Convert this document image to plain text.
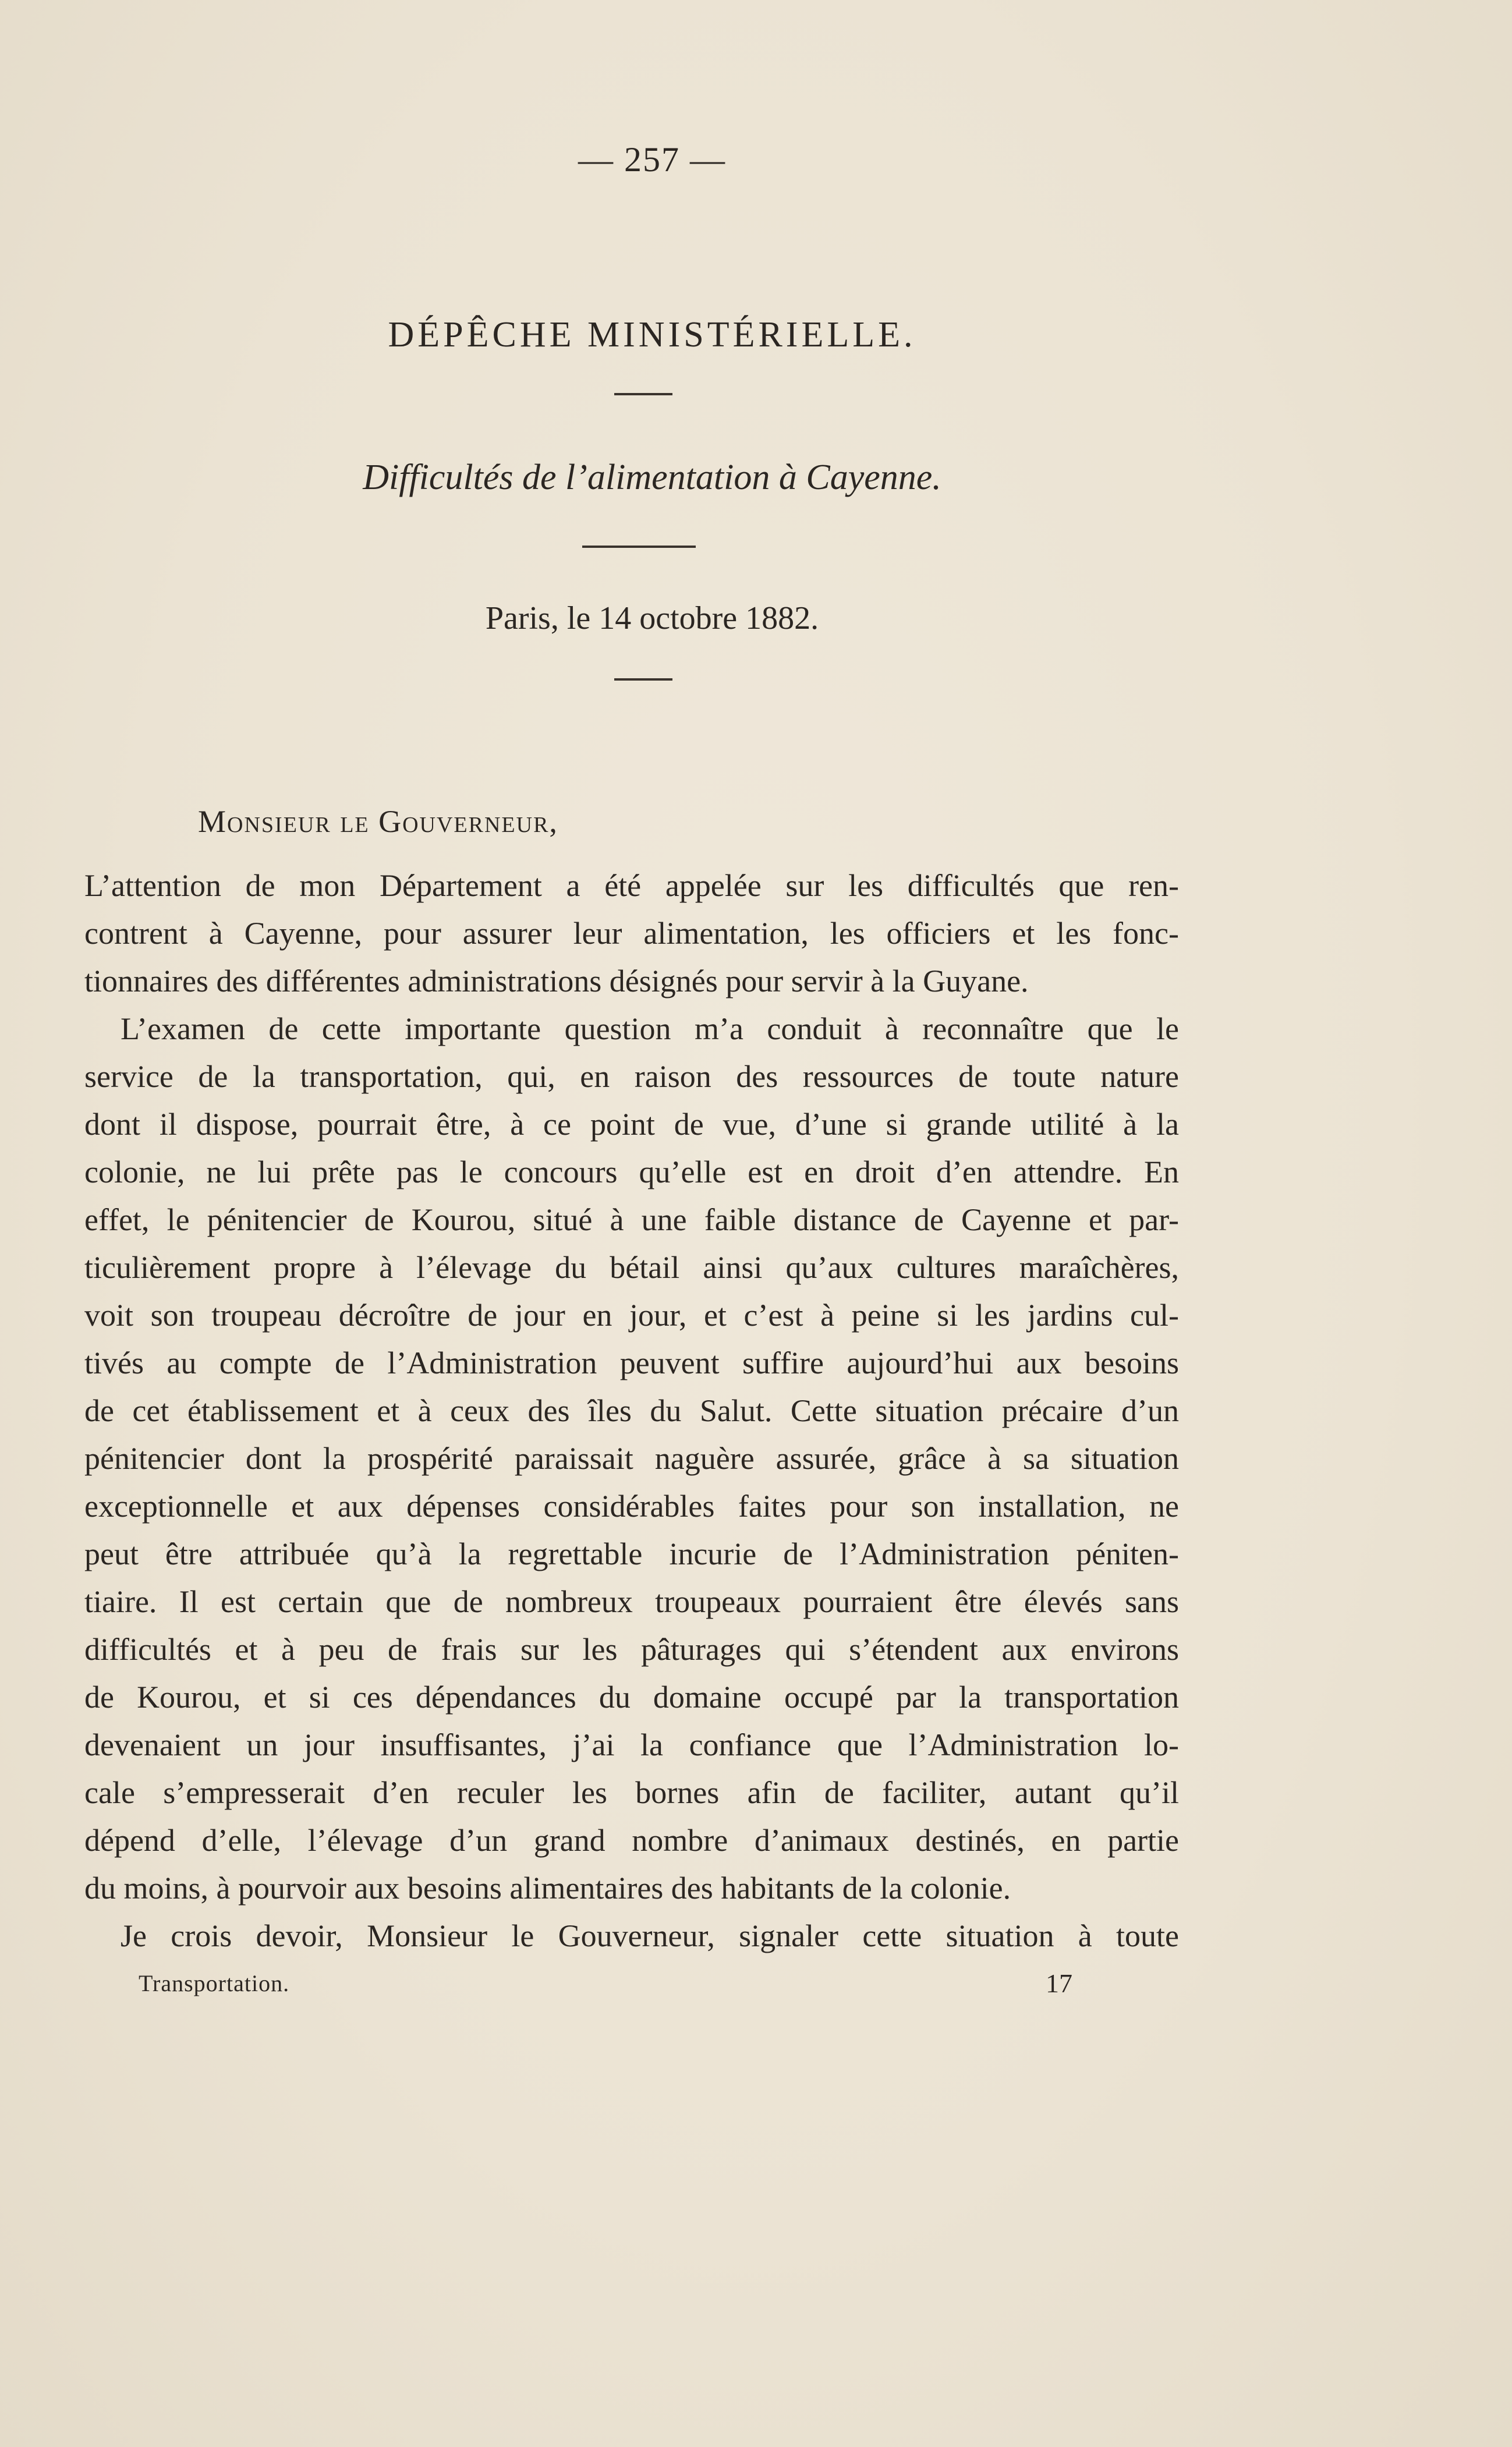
— 257 —
DÉPÊCHE MINISTÉRIELLE.
Difficultés de l’alimentation à Cayenne.
Paris, le 14 octobre 1882.
Monsieur le Gouverneur,
L’attention de mon Département a été appelée sur les difficultés que ren-
contrent à Cayenne, pour assurer leur alimentation, les officiers et les fonc-
tionnaires des différentes administrations désignés pour servir à la Guyane.
L’examen de cette importante question m’a conduit à reconnaître que le
service de la transportation, qui, en raison des ressources de toute nature
dont il dispose, pourrait être, à ce point de vue, d’une si grande utilité à la
colonie, ne lui prête pas le concours qu’elle est en droit d’en attendre. En
effet, le pénitencier de Kourou, situé à une faible distance de Cayenne et par-
ticulièrement propre à l’élevage du bétail ainsi qu’aux cultures maraîchères,
voit son troupeau décroître de jour en jour, et c’est à peine si les jardins cul-
tivés au compte de l’Administration peuvent suffire aujourd’hui aux besoins
de cet établissement et à ceux des îles du Salut. Cette situation précaire d’un
pénitencier dont la prospérité paraissait naguère assurée, grâce à sa situation
exceptionnelle et aux dépenses considérables faites pour son installation, ne
peut être attribuée qu’à la regrettable incurie de l’Administration péniten-
tiaire. Il est certain que de nombreux troupeaux pourraient être élevés sans
difficultés et à peu de frais sur les pâturages qui s’étendent aux environs
de Kourou, et si ces dépendances du domaine occupé par la transportation
devenaient un jour insuffisantes, j’ai la confiance que l’Administration lo-
cale s’empresserait d’en reculer les bornes afin de faciliter, autant qu’il
dépend d’elle, l’élevage d’un grand nombre d’animaux destinés, en partie
du moins, à pourvoir aux besoins alimentaires des habitants de la colonie.
Je crois devoir, Monsieur le Gouverneur, signaler cette situation à toute
Transportation.	17
